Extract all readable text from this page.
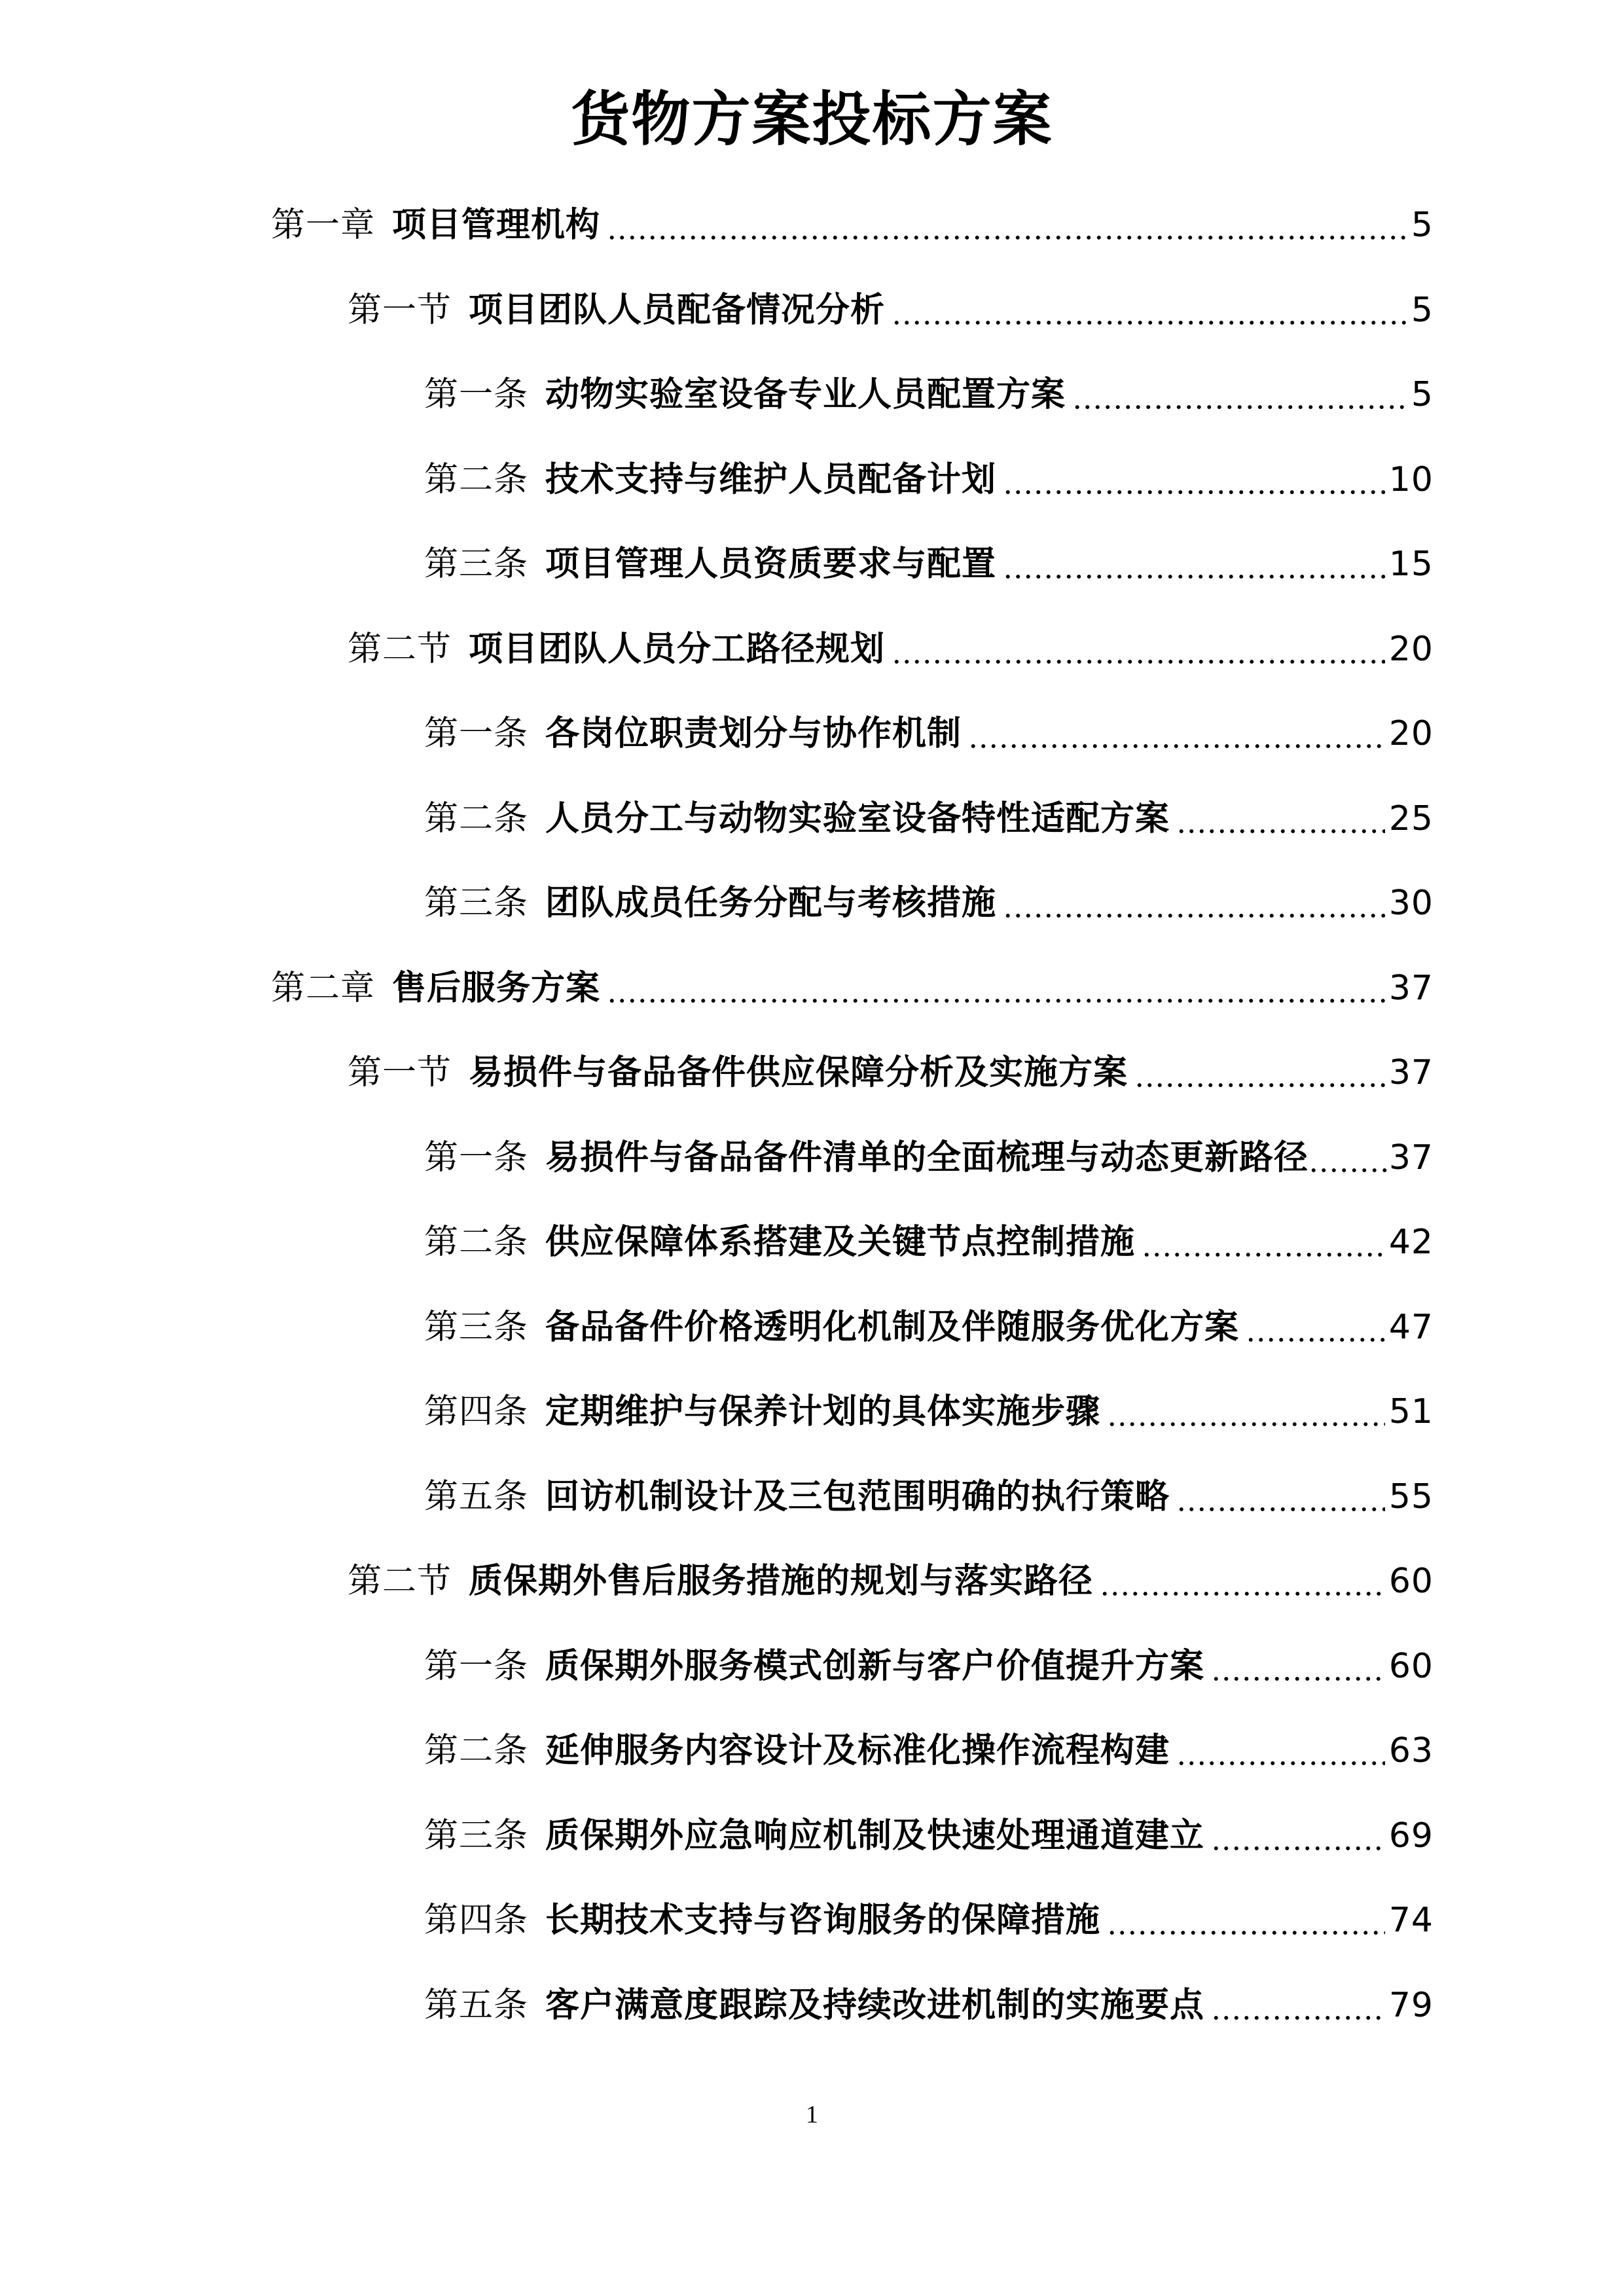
货物方案投标方案
第一章 项目管理机构	5
第一节 项目团队人员配备情况分析	5
第一条 动物实验室设备专业人员配置方案	5
第二条 技术支持与维护人员配备计划	10
第三条 项目管理人员资质要求与配置	15
第二节 项目团队人员分工路径规划	20
第一条 各岗位职责划分与协作机制	20
第二条 人员分工与动物实验室设备特性适配方案	25
第三条 团队成员任务分配与考核措施	30
第二章 售后服务方案	37
第一节 易损件与备品备件供应保障分析及实施方案	37
第一条 易损件与备品备件清单的全面梳理与动态更新路径 37
第二条 供应保障体系搭建及关键节点控制措施	42
第三条 备品备件价格透明化机制及伴随服务优化方案	47
第四条 定期维护与保养计划的具体实施步骤	51
第五条 回访机制设计及三包范围明确的执行策略	55
第二节 质保期外售后服务措施的规划与落实路径	60
第一条 质保期外服务模式创新与客户价值提升方案	60
第二条 延伸服务内容设计及标准化操作流程构建	63
第三条 质保期外应急响应机制及快速处理通道建立	69
第四条 长期技术支持与咨询服务的保障措施	74
第五条 客户满意度跟踪及持续改进机制的实施要点	79
1
